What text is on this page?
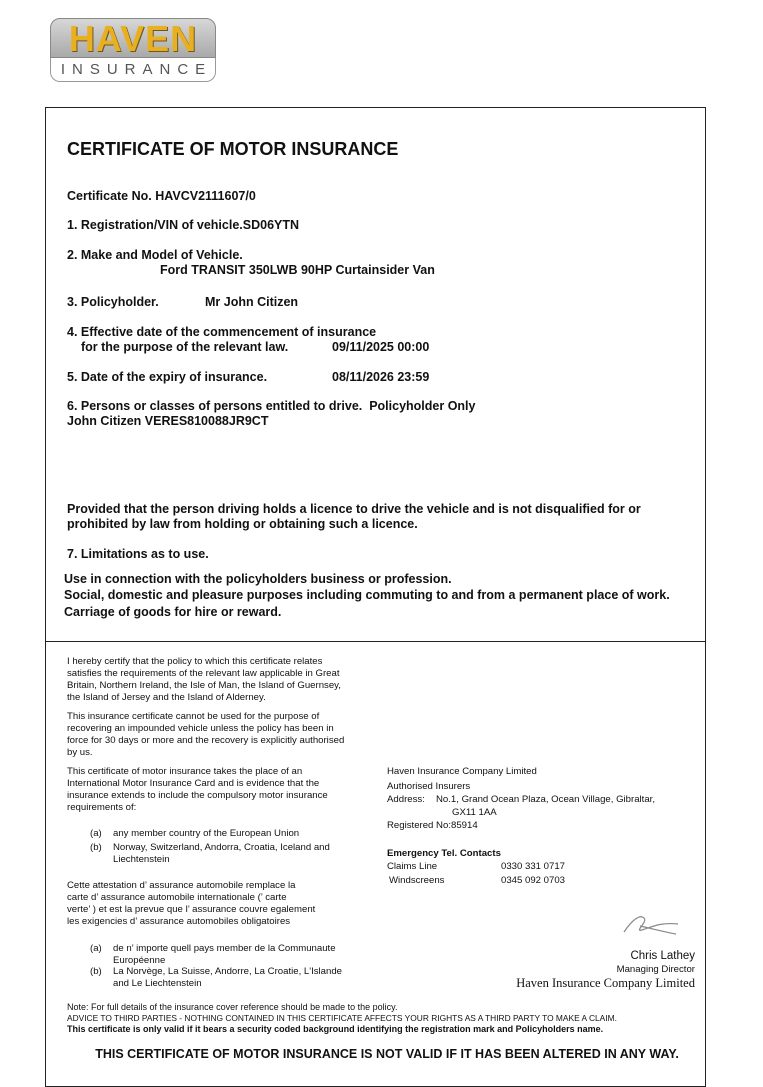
HAVEN
INSURANCE
CERTIFICATE OF MOTOR INSURANCE
Certificate No. HAVCV2111607/0
1. Registration/VIN of vehicle.SD06YTN
2. Make and Model of Vehicle.
Ford TRANSIT 350LWB 90HP Curtainsider Van
3. Policyholder.	Mr John Citizen
4. Effective date of the commencement of insurance
for the purpose of the relevant law.	09/11/2025 00:00
5. Date of the expiry of insurance.	08/11/2026 23:59
6. Persons or classes of persons entitled to drive. Policyholder Only
John Citizen VERES810088JR9CT
Provided that the person driving holds a licence to drive the vehicle and is not disqualified for or
prohibited by law from holding or obtaining such a licence.
7. Limitations as to use.
Use in connection with the policyholders business or profession.
Social, domestic and pleasure purposes including commuting to and from a permanent place of work.
Carriage of goods for hire or reward.
I hereby certify that the policy to which this certificate relates
satisfies the requirements of the relevant law applicable in Great
Britain, Northern Ireland, the Isle of Man, the Island of Guernsey,
the Island of Jersey and the Island of Alderney.
This insurance certificate cannot be used for the purpose of
recovering an impounded vehicle unless the policy has been in
force for 30 days or more and the recovery is explicitly authorised
by us.
This certificate of motor insurance takes the place of an
International Motor Insurance Card and is evidence that the
insurance extends to include the compulsory motor insurance
requirements of:
(a) any member country of the European Union
(b) Norway, Switzerland, Andorra, Croatia, Iceland and
Liechtenstein
Cette attestation d’ assurance automobile remplace la
carte d’ assurance automobile internationale (’ carte
verte’ ) et est la prevue que l’ assurance couvre egalement
les exigencies d’ assurance automobiles obligatoires
(a) de n’ importe quell pays member de la Communaute
Européenne
(b) La Norvège, La Suisse, Andorre, La Croatie, L'Islande
and Le Liechtenstein
Haven Insurance Company Limited
Authorised Insurers
Address: No.1, Grand Ocean Plaza, Ocean Village, Gibraltar,
GX11 1AA
Registered No:85914
Emergency Tel. Contacts
Claims Line	0330 331 0717
Windscreens	0345 092 0703
Chris Lathey
Managing Director
Haven Insurance Company Limited
Note: For full details of the insurance cover reference should be made to the policy.
ADVICE TO THIRD PARTIES - NOTHING CONTAINED IN THIS CERTIFICATE AFFECTS YOUR RIGHTS AS A THIRD PARTY TO MAKE A CLAIM.
This certificate is only valid if it bears a security coded background identifying the registration mark and Policyholders name.
THIS CERTIFICATE OF MOTOR INSURANCE IS NOT VALID IF IT HAS BEEN ALTERED IN ANY WAY.
